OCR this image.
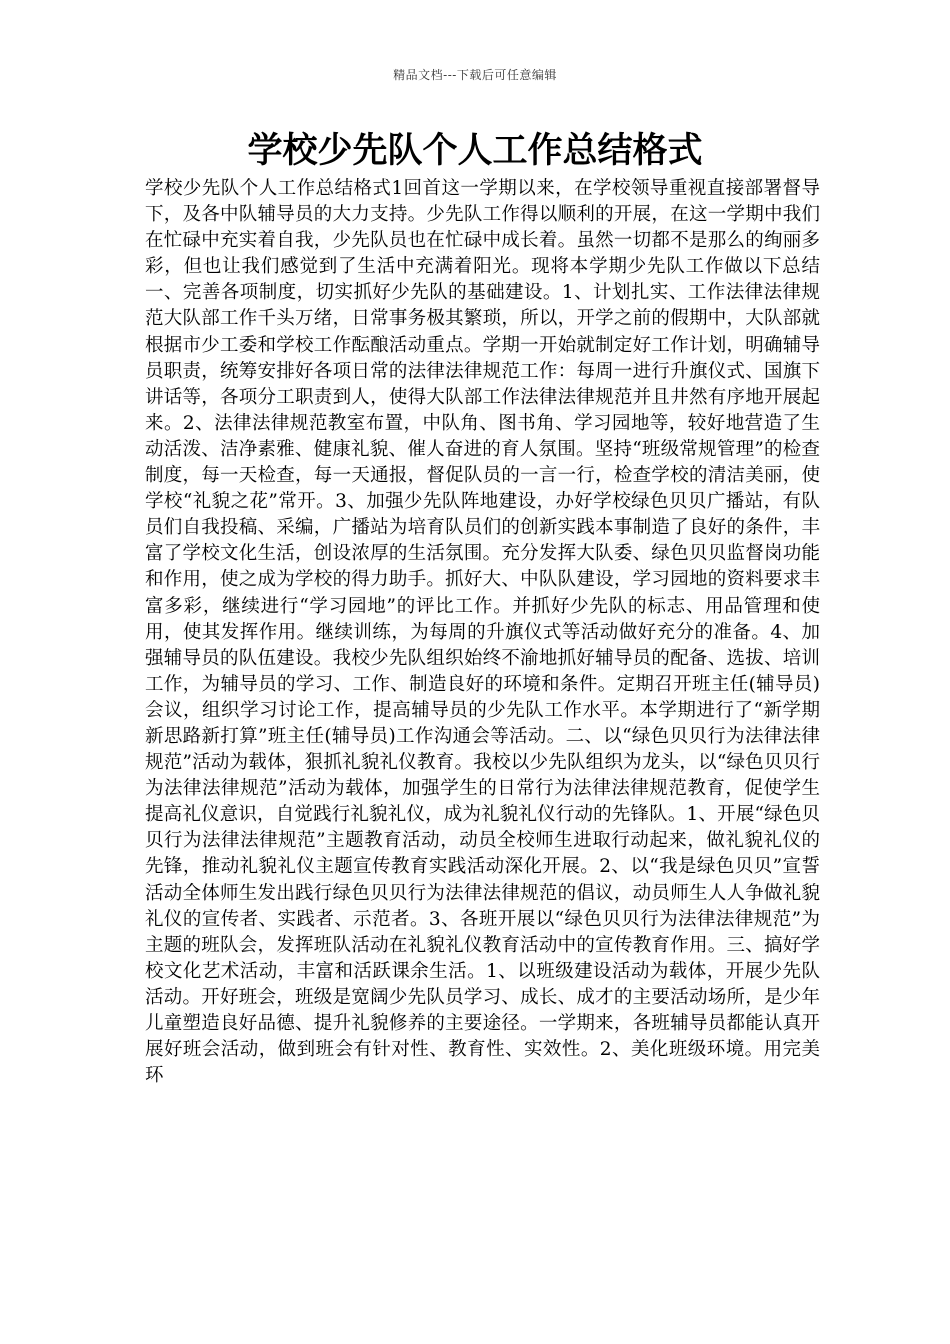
精品文档---下载后可任意编辑
学校少先队个人工作总结格式

学校少先队个人工作总结格式1回首这一学期以来，在学校领导重视直接部署督导下，及各中队辅导员的大力支持。少先队工作得以顺利的开展，在这一学期中我们在忙碌中充实着自我，少先队员也在忙碌中成长着。虽然一切都不是那么的绚丽多彩，但也让我们感觉到了生活中充满着阳光。现将本学期少先队工作做以下总结一、完善各项制度，切实抓好少先队的基础建设。1、计划扎实、工作法律法律规范大队部工作千头万绪，日常事务极其繁琐，所以，开学之前的假期中，大队部就根据市少工委和学校工作酝酿活动重点。学期一开始就制定好工作计划，明确辅导员职责，统筹安排好各项日常的法律法律规范工作：每周一进行升旗仪式、国旗下讲话等，各项分工职责到人，使得大队部工作法律法律规范并且井然有序地开展起来。2、法律法律规范教室布置，中队角、图书角、学习园地等，较好地营造了生动活泼、洁净素雅、健康礼貌、催人奋进的育人氛围。坚持“班级常规管理”的检查制度，每一天检查，每一天通报，督促队员的一言一行，检查学校的清洁美丽，使学校“礼貌之花”常开。3、加强少先队阵地建设，办好学校绿色贝贝广播站，有队员们自我投稿、采编，广播站为培育队员们的创新实践本事制造了良好的条件，丰富了学校文化生活，创设浓厚的生活氛围。充分发挥大队委、绿色贝贝监督岗功能和作用，使之成为学校的得力助手。抓好大、中队队建设，学习园地的资料要求丰富多彩，继续进行“学习园地”的评比工作。并抓好少先队的标志、用品管理和使用，使其发挥作用。继续训练，为每周的升旗仪式等活动做好充分的准备。4、加强辅导员的队伍建设。我校少先队组织始终不渝地抓好辅导员的配备、选拔、培训工作，为辅导员的学习、工作、制造良好的环境和条件。定期召开班主任(辅导员)会议，组织学习讨论工作，提高辅导员的少先队工作水平。本学期进行了“新学期新思路新打算”班主任(辅导员)工作沟通会等活动。二、以“绿色贝贝行为法律法律规范”活动为载体，狠抓礼貌礼仪教育。我校以少先队组织为龙头，以“绿色贝贝行为法律法律规范”活动为载体，加强学生的日常行为法律法律规范教育，促使学生提高礼仪意识，自觉践行礼貌礼仪，成为礼貌礼仪行动的先锋队。1、开展“绿色贝贝行为法律法律规范”主题教育活动，动员全校师生进取行动起来，做礼貌礼仪的先锋，推动礼貌礼仪主题宣传教育实践活动深化开展。2、以“我是绿色贝贝”宣誓活动全体师生发出践行绿色贝贝行为法律法律规范的倡议，动员师生人人争做礼貌礼仪的宣传者、实践者、示范者。3、各班开展以“绿色贝贝行为法律法律规范”为主题的班队会，发挥班队活动在礼貌礼仪教育活动中的宣传教育作用。三、搞好学校文化艺术活动，丰富和活跃课余生活。1、以班级建设活动为载体，开展少先队活动。开好班会，班级是宽阔少先队员学习、成长、成才的主要活动场所，是少年儿童塑造良好品德、提升礼貌修养的主要途径。一学期来，各班辅导员都能认真开展好班会活动，做到班会有针对性、教育性、实效性。2、美化班级环境。用完美环
